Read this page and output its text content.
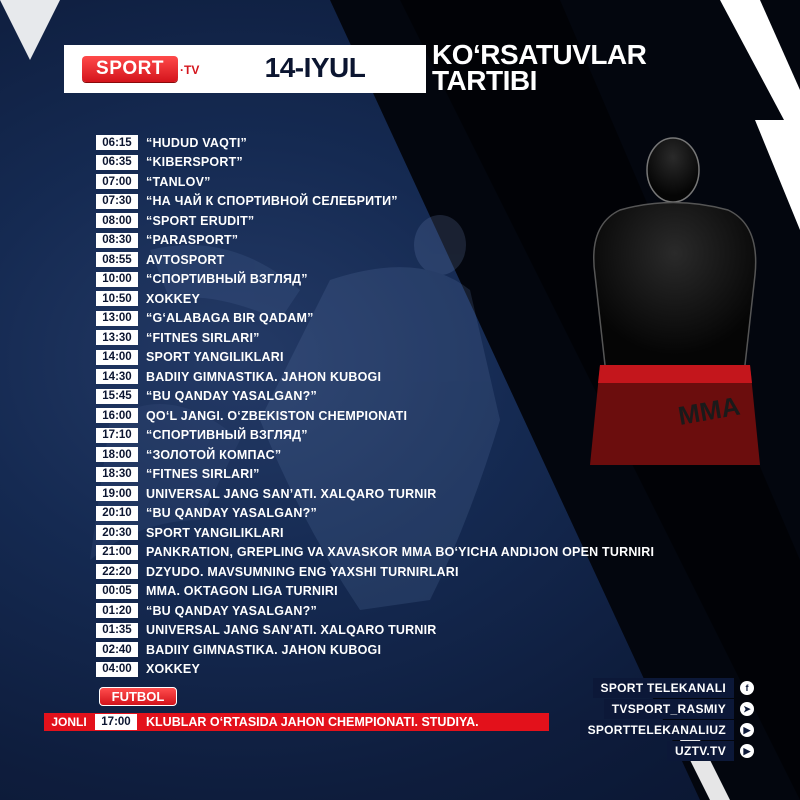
MMA
SPORT ·TV	14-IYUL	KO‘RSATUVLAR
TARTIBI
06:15	“HUDUD VAQTI”
06:35	“KIBERSPORT”
07:00	“TANLOV”
07:30	“НА ЧАЙ К СПОРТИВНОЙ СЕЛЕБРИТИ”
08:00	“SPORT ERUDIT”
08:30	“PARASPORT”
08:55	AVTOSPORT
10:00	“СПОРТИВНЫЙ ВЗГЛЯД”
10:50	XOKKEY
13:00	“G‘ALABAGA BIR QADAM”
13:30	“FITNES SIRLARI”
14:00	SPORT YANGILIKLARI
14:30	BADIIY GIMNASTIKA. JAHON KUBOGI
15:45	“BU QANDAY YASALGAN?”
16:00	QO‘L JANGI. O‘ZBEKISTON CHEMPIONATI
17:10	“СПОРТИВНЫЙ ВЗГЛЯД”
18:00	“ЗОЛОТОЙ КОМПАС”
18:30	“FITNES SIRLARI”
19:00	UNIVERSAL JANG SAN’ATI. XALQARO TURNIR
20:10	“BU QANDAY YASALGAN?”
20:30	SPORT YANGILIKLARI
21:00	PANKRATION, GREPLING VA XAVASKOR MMA BO‘YICHA ANDIJON OPEN TURNIRI
22:20	DZYUDO. MAVSUMNING ENG YAXSHI TURNIRLARI
00:05	MMA. OKTAGON LIGA TURNIRI
01:20	“BU QANDAY YASALGAN?”
01:35	UNIVERSAL JANG SAN’ATI. XALQARO TURNIR
02:40	BADIIY GIMNASTIKA. JAHON KUBOGI
04:00	XOKKEY
FUTBOL
JONLI	17:00	KLUBLAR O‘RTASIDA JAHON CHEMPIONATI. STUDIYA.
SPORT TELEKANALI	f
TVSPORT_RASMIY	➤
SPORTTELEKANALIUZ	▶
UZTV.TV	▶
